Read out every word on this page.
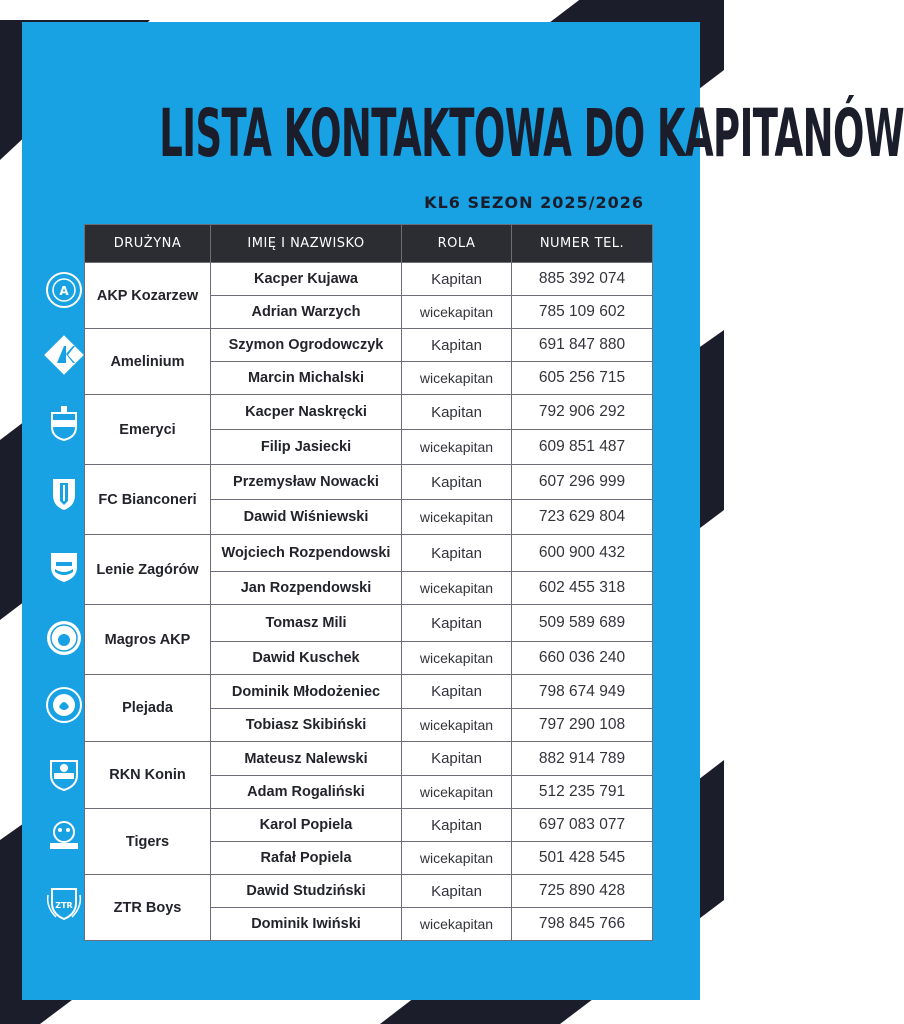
LISTA KONTAKTOWA DO KAPITANÓW
KL6 SEZON 2025/2026
DRUŻYNA	IMIĘ I NAZWISKO	ROLA	NUMER TEL.
AKP Kozarzew	Kacper Kujawa	Kapitan	885 392 074
	Adrian Warzych	wicekapitan	785 109 602
Amelinium	Szymon Ogrodowczyk	Kapitan	691 847 880
	Marcin Michalski	wicekapitan	605 256 715
Emeryci	Kacper Naskręcki	Kapitan	792 906 292
	Filip Jasiecki	wicekapitan	609 851 487
FC Bianconeri	Przemysław Nowacki	Kapitan	607 296 999
	Dawid Wiśniewski	wicekapitan	723 629 804
Lenie Zagórów	Wojciech Rozpendowski	Kapitan	600 900 432
	Jan Rozpendowski	wicekapitan	602 455 318
Magros AKP	Tomasz Mili	Kapitan	509 589 689
	Dawid Kuschek	wicekapitan	660 036 240
Plejada	Dominik Młodożeniec	Kapitan	798 674 949
	Tobiasz Skibiński	wicekapitan	797 290 108
RKN Konin	Mateusz Nalewski	Kapitan	882 914 789
	Adam Rogaliński	wicekapitan	512 235 791
Tigers	Karol Popiela	Kapitan	697 083 077
	Rafał Popiela	wicekapitan	501 428 545
ZTR Boys	Dawid Studziński	Kapitan	725 890 428
	Dominik Iwiński	wicekapitan	798 845 766
A
ZTR
